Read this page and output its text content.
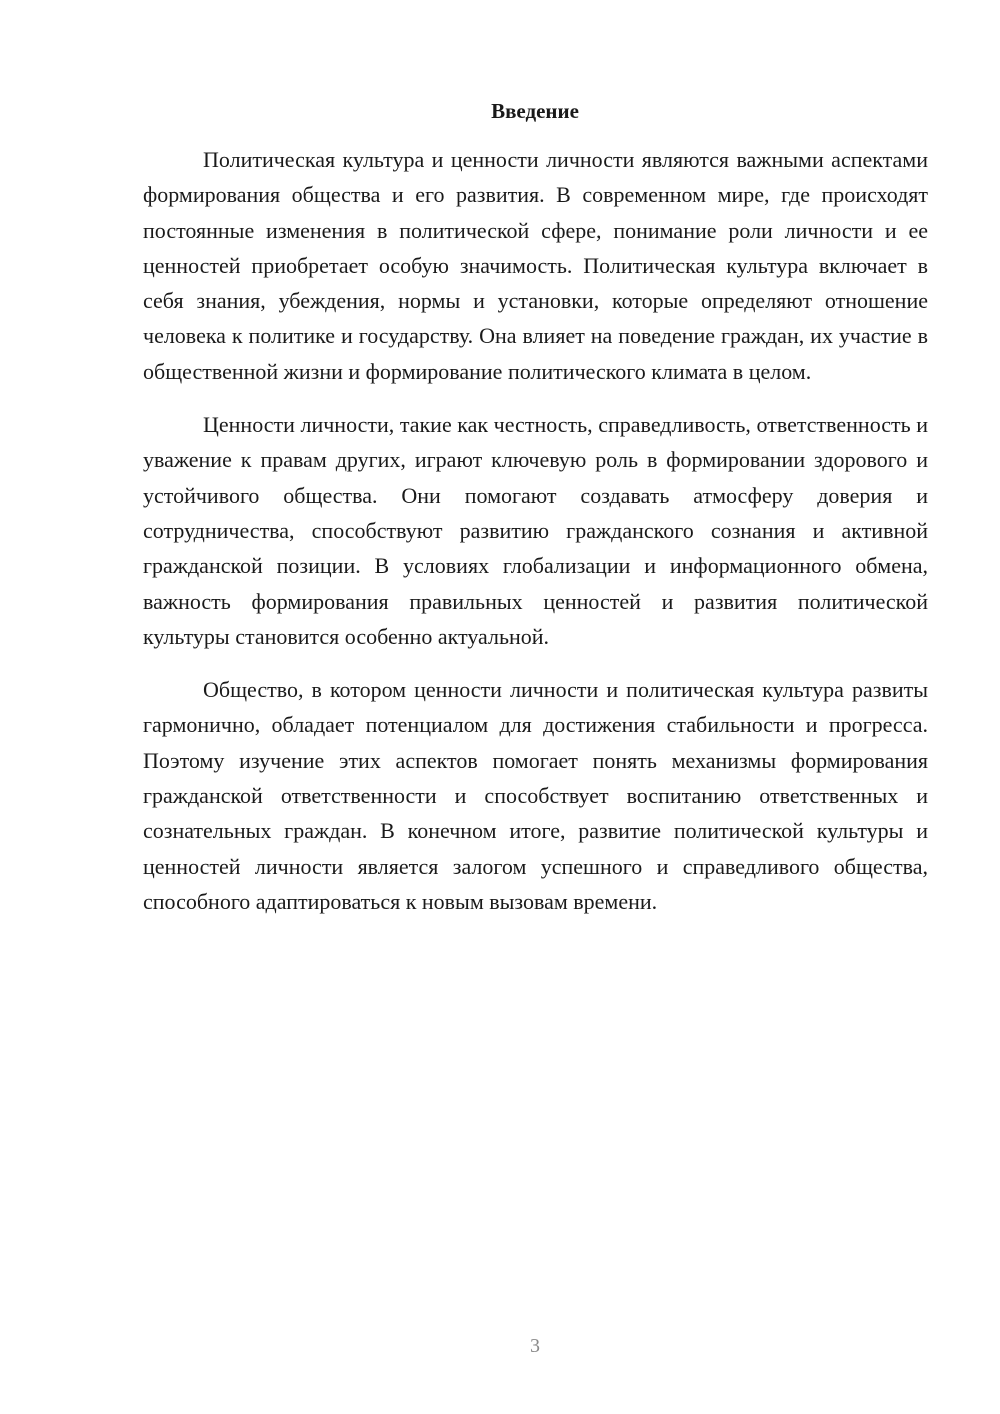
Введение

Политическая культура и ценности личности являются важными аспектами формирования общества и его развития. В современном мире, где происходят постоянные изменения в политической сфере, понимание роли личности и ее ценностей приобретает особую значимость. Политическая культура включает в себя знания, убеждения, нормы и установки, которые определяют отношение человека к политике и государству. Она влияет на поведение граждан, их участие в общественной жизни и формирование политического климата в целом.

Ценности личности, такие как честность, справедливость, ответственность и уважение к правам других, играют ключевую роль в формировании здорового и устойчивого общества. Они помогают создавать атмосферу доверия и сотрудничества, способствуют развитию гражданского сознания и активной гражданской позиции. В условиях глобализации и информационного обмена, важность формирования правильных ценностей и развития политической культуры становится особенно актуальной.

Общество, в котором ценности личности и политическая культура развиты гармонично, обладает потенциалом для достижения стабильности и прогресса. Поэтому изучение этих аспектов помогает понять механизмы формирования гражданской ответственности и способствует воспитанию ответственных и сознательных граждан. В конечном итоге, развитие политической культуры и ценностей личности является залогом успешного и справедливого общества, способного адаптироваться к новым вызовам времени.

3
